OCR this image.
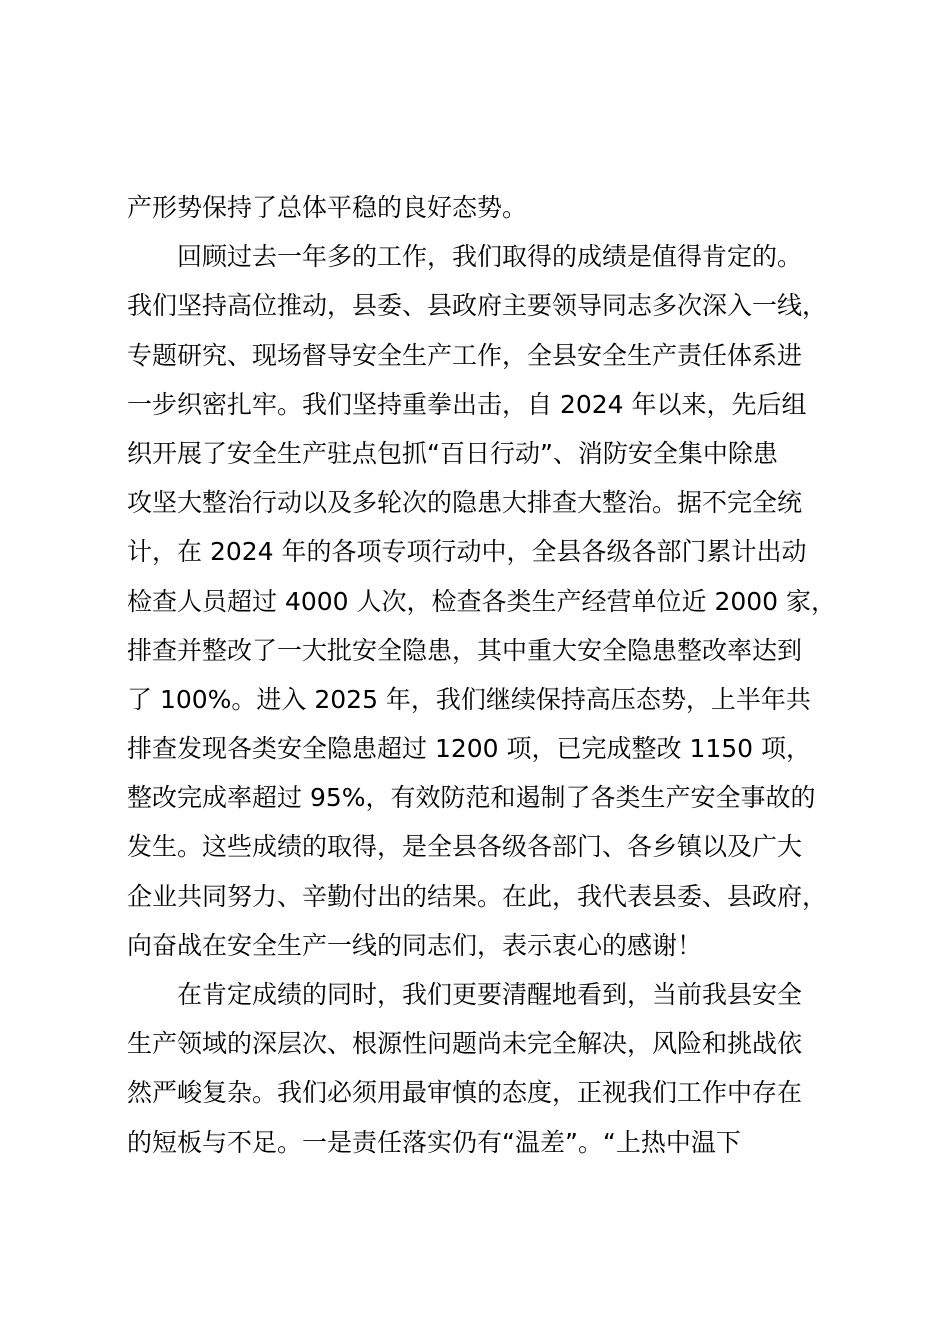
产形势保持了总体平稳的良好态势。
回顾过去一年多的工作，我们取得的成绩是值得肯定的。
我们坚持高位推动，县委、县政府主要领导同志多次深入一线，
专题研究、现场督导安全生产工作，全县安全生产责任体系进
一步织密扎牢。我们坚持重拳出击，自 2024 年以来，先后组
织开展了安全生产驻点包抓“百日行动”、消防安全集中除患
攻坚大整治行动以及多轮次的隐患大排查大整治。据不完全统
计，在 2024 年的各项专项行动中，全县各级各部门累计出动
检查人员超过 4000 人次，检查各类生产经营单位近 2000 家，
排查并整改了一大批安全隐患，其中重大安全隐患整改率达到
了 100%。进入 2025 年，我们继续保持高压态势，上半年共
排查发现各类安全隐患超过 1200 项，已完成整改 1150 项，
整改完成率超过 95%，有效防范和遏制了各类生产安全事故的
发生。这些成绩的取得，是全县各级各部门、各乡镇以及广大
企业共同努力、辛勤付出的结果。在此，我代表县委、县政府，
向奋战在安全生产一线的同志们，表示衷心的感谢！
在肯定成绩的同时，我们更要清醒地看到，当前我县安全
生产领域的深层次、根源性问题尚未完全解决，风险和挑战依
然严峻复杂。我们必须用最审慎的态度，正视我们工作中存在
的短板与不足。一是责任落实仍有“温差”。“上热中温下
